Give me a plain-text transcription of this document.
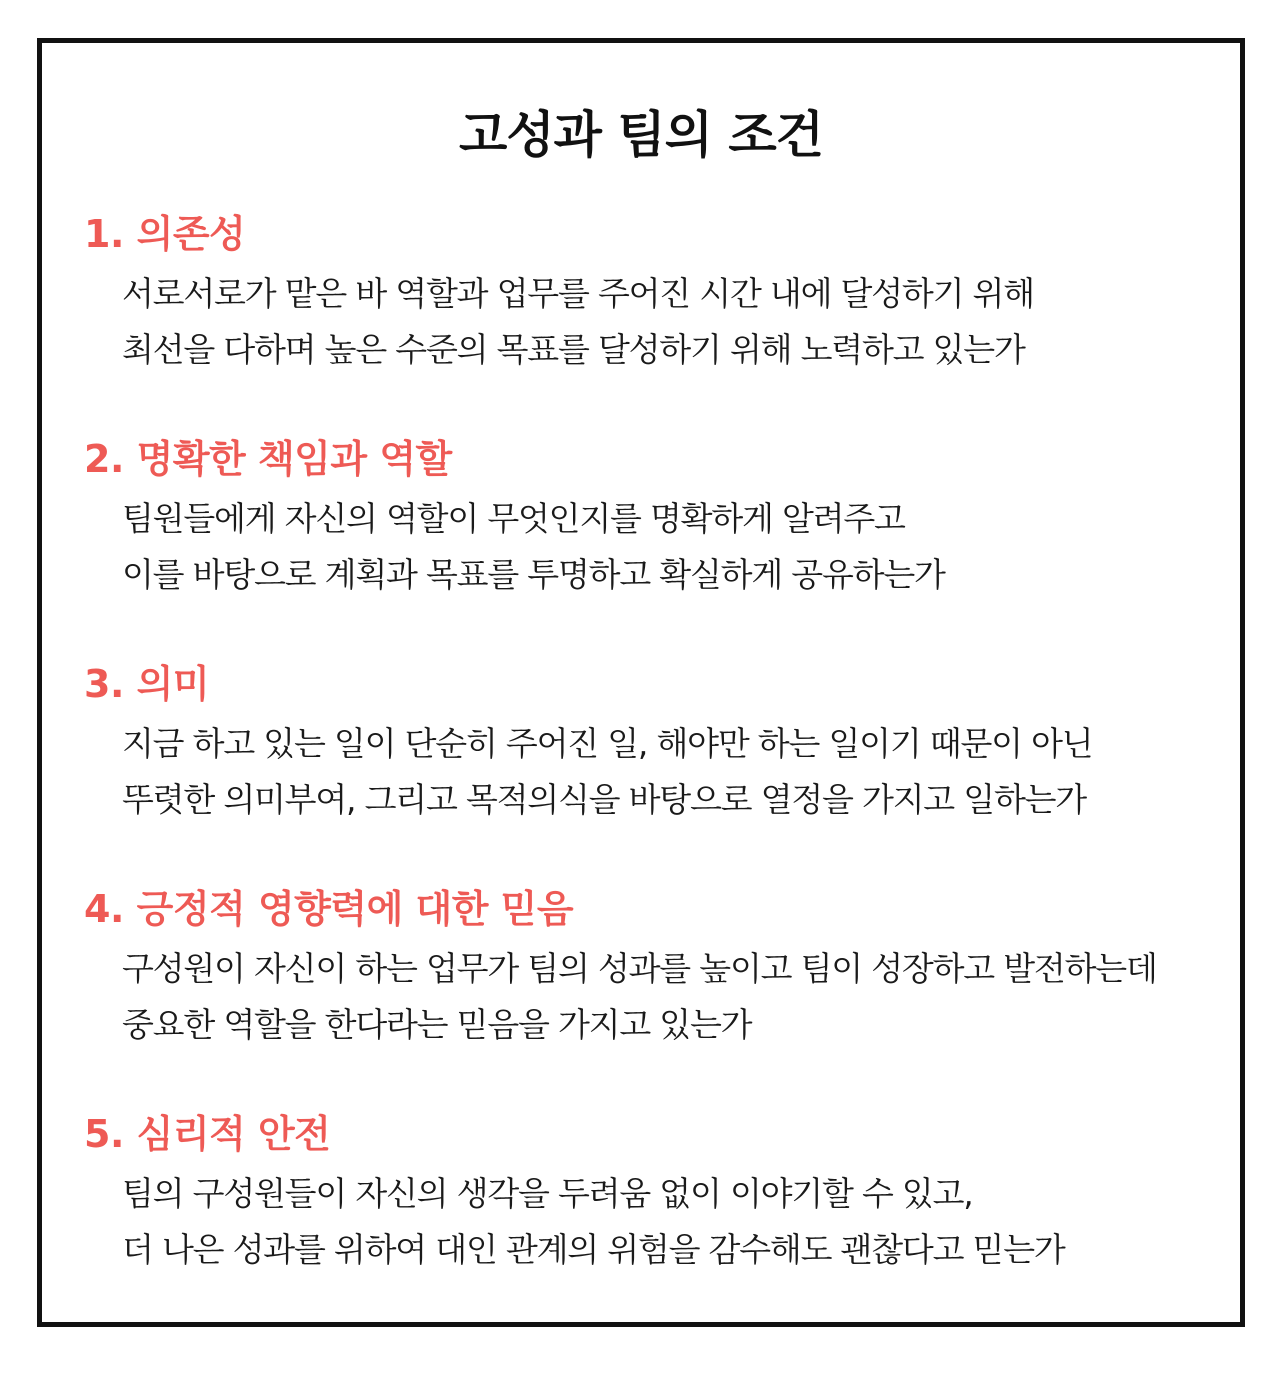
고성과 팀의 조건

1. 의존성

서로서로가 맡은 바 역할과 업무를 주어진 시간 내에 달성하기 위해

최선을 다하며 높은 수준의 목표를 달성하기 위해 노력하고 있는가

2. 명확한 책임과 역할

팀원들에게 자신의 역할이 무엇인지를 명확하게 알려주고

이를 바탕으로 계획과 목표를 투명하고 확실하게 공유하는가

3. 의미

지금 하고 있는 일이 단순히 주어진 일, 해야만 하는 일이기 때문이 아닌

뚜렷한 의미부여, 그리고 목적의식을 바탕으로 열정을 가지고 일하는가

4. 긍정적 영향력에 대한 믿음

구성원이 자신이 하는 업무가 팀의 성과를 높이고 팀이 성장하고 발전하는데

중요한 역할을 한다라는 믿음을 가지고 있는가

5. 심리적 안전

팀의 구성원들이 자신의 생각을 두려움 없이 이야기할 수 있고,

더 나은 성과를 위하여 대인 관계의 위험을 감수해도 괜찮다고 믿는가
